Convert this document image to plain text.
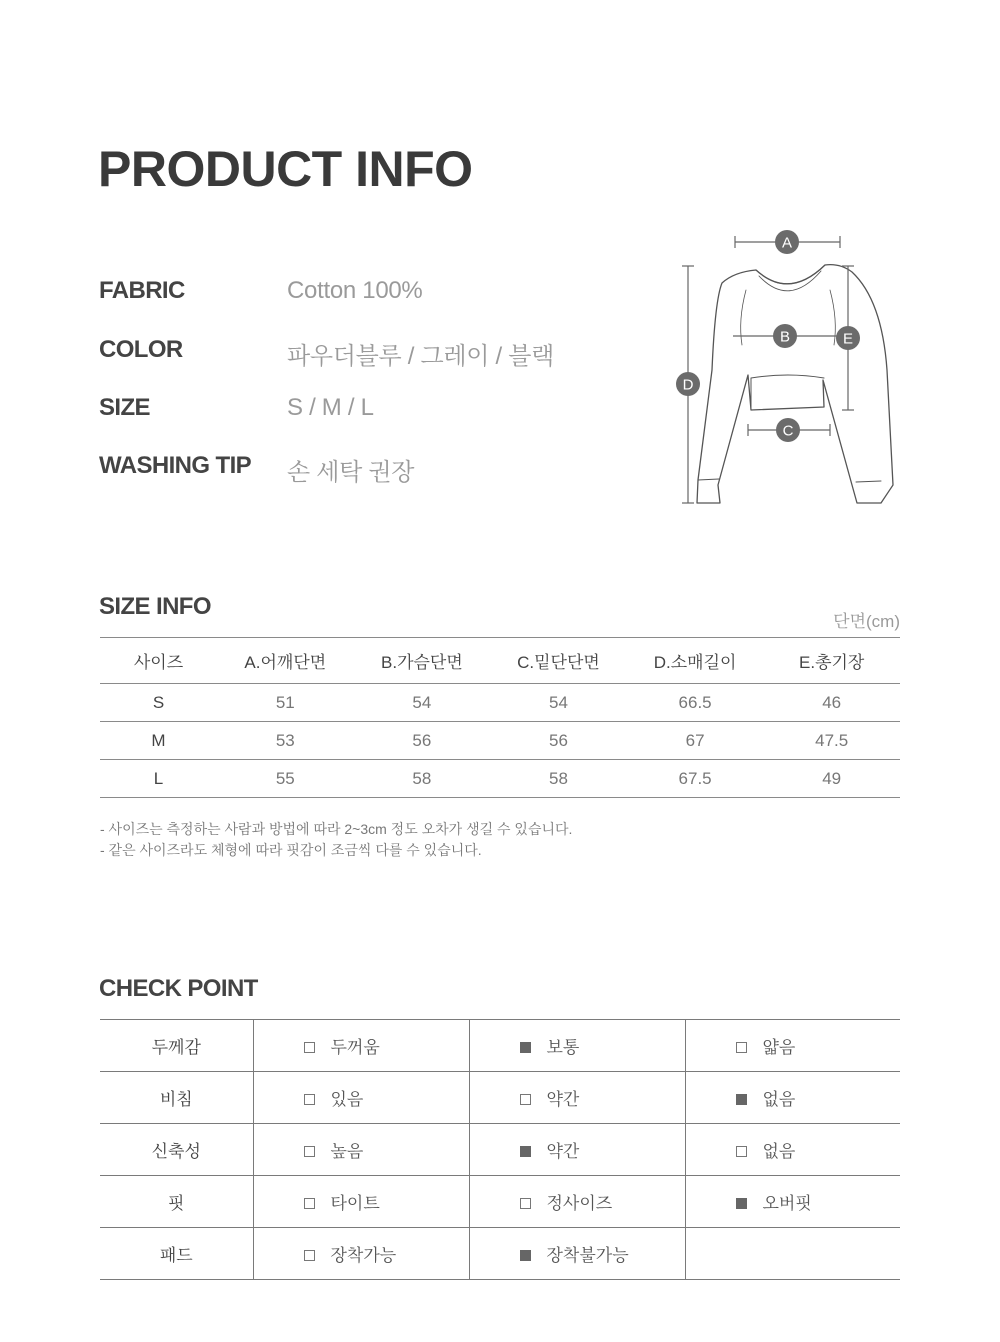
PRODUCT INFO
FABRIC	Cotton 100%
COLOR	파우더블루 / 그레이 / 블랙
SIZE	S / M / L
WASHING TIP 손 세탁 권장
A
B
C
D
E
SIZE INFO
단면(cm)
사이즈	A.어깨단면	B.가슴단면	C.밑단단면	D.소매길이	E.총기장
S	51	54	54	66.5	46
M	53	56	56	67	47.5
L	55	58	58	67.5	49
- 사이즈는 측정하는 사람과 방법에 따라 2~3cm 정도 오차가 생길 수 있습니다.
- 같은 사이즈라도 체형에 따라 핏감이 조금씩 다를 수 있습니다.
CHECK POINT
두께감	두꺼움	보통	얇음
비침	있음	약간	없음
신축성	높음	약간	없음
핏	타이트	정사이즈	오버핏
패드	장착가능	장착불가능	
